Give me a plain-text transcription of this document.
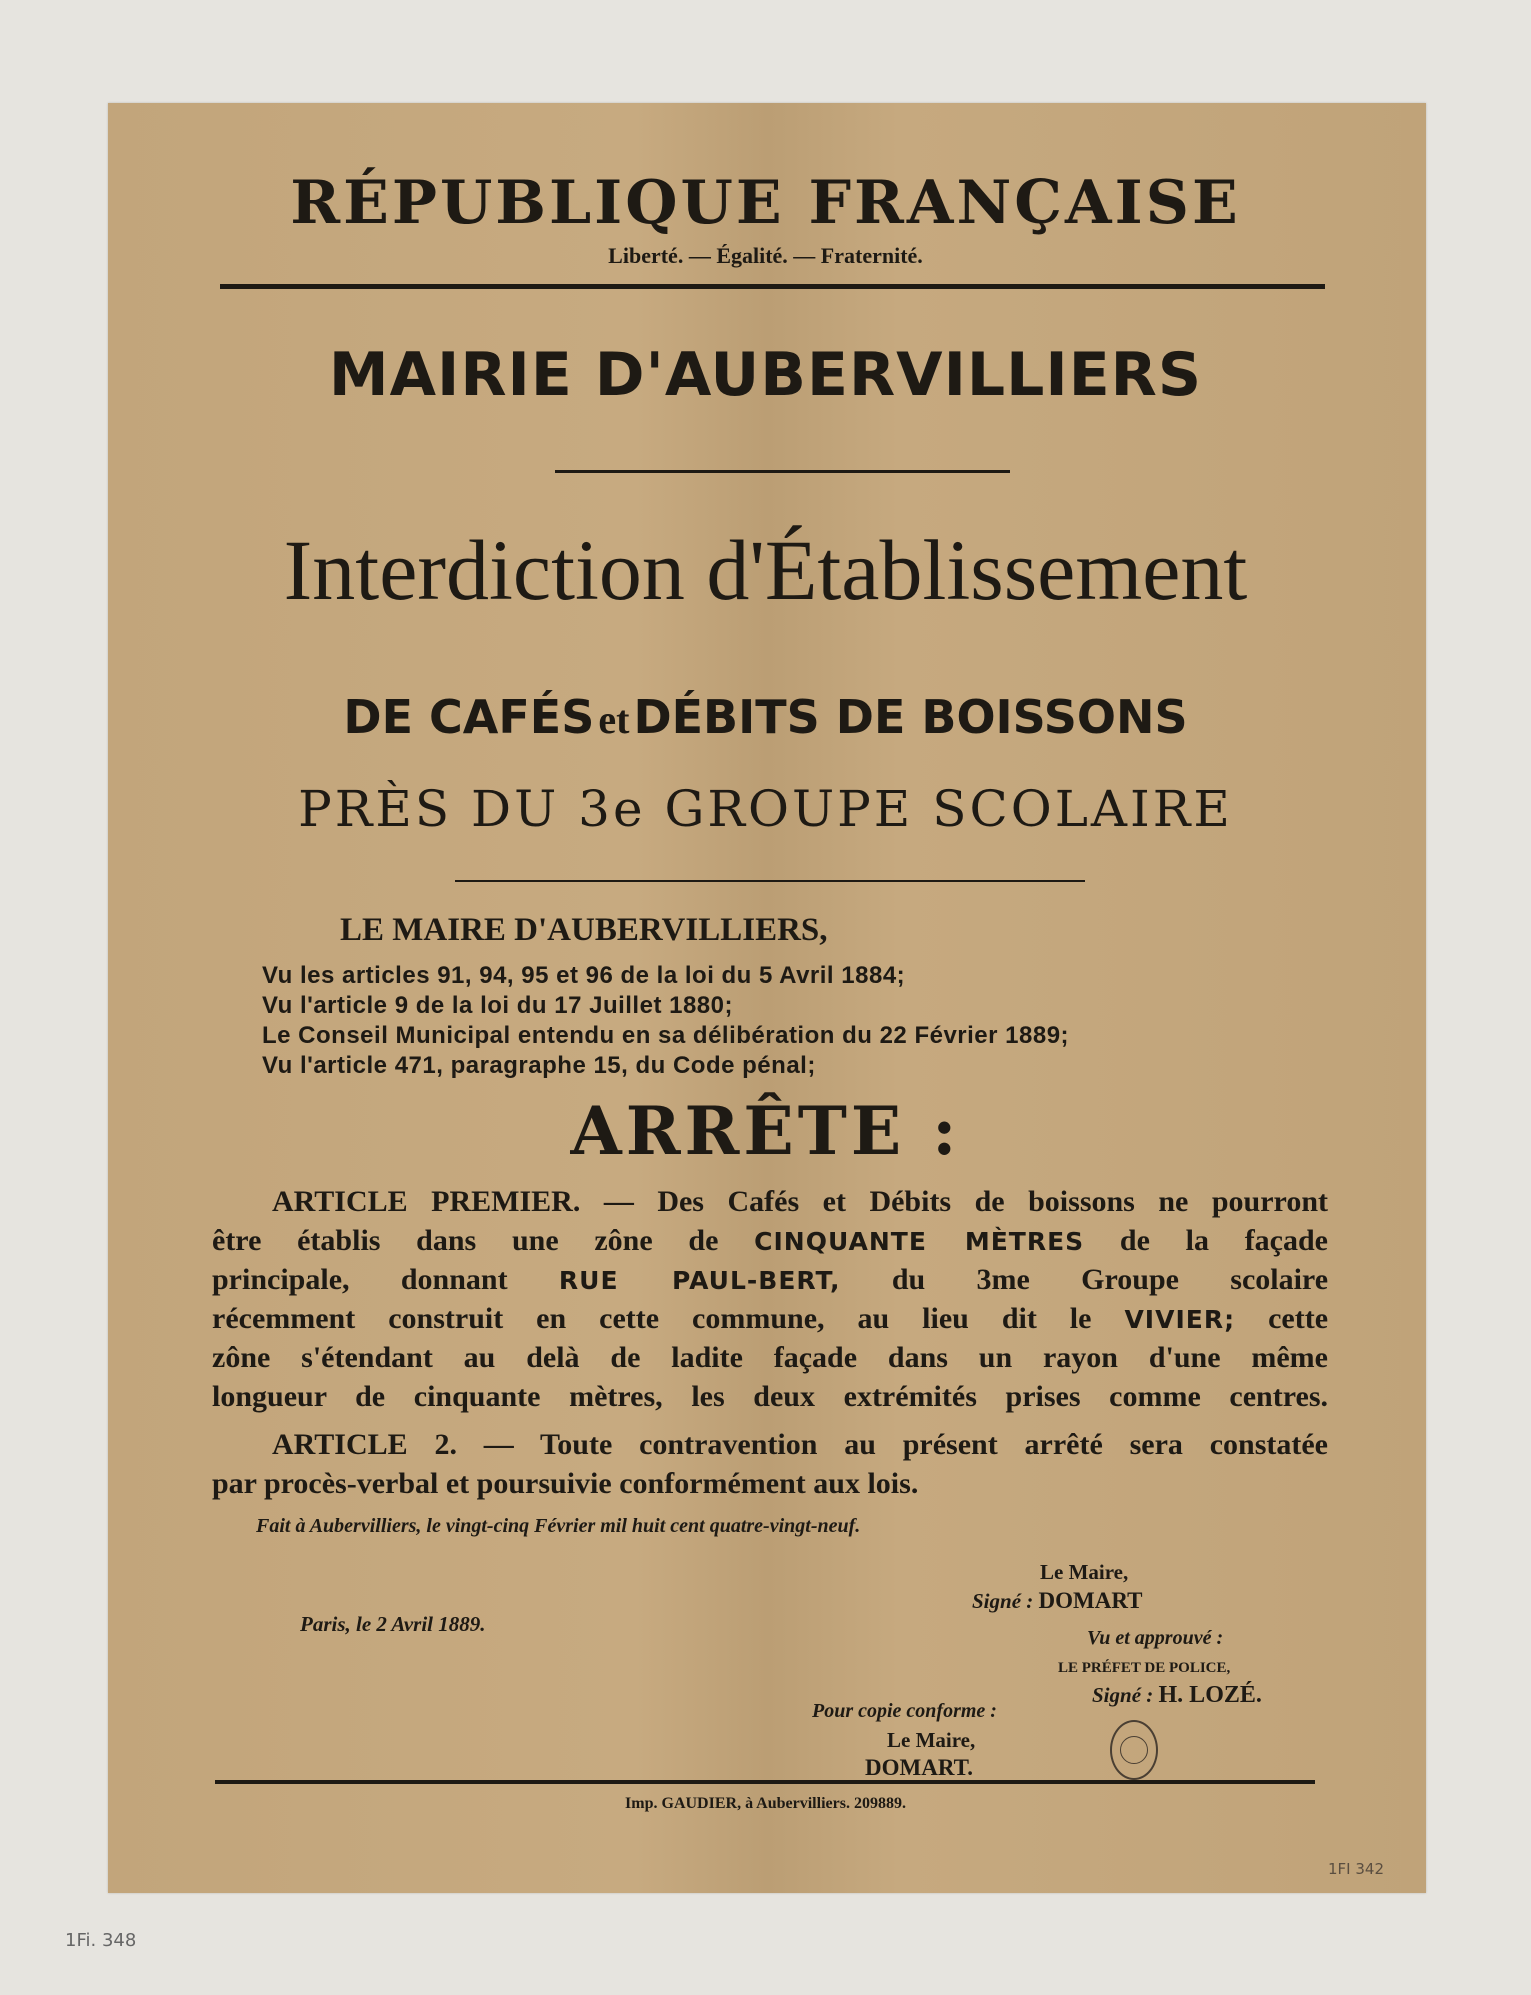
RÉPUBLIQUE FRANÇAISE
Liberté. — Égalité. — Fraternité.
MAIRIE D'AUBERVILLIERS
Interdiction d'Établissement
DE CAFÉS et DÉBITS DE BOISSONS
PRÈS DU 3e GROUPE SCOLAIRE
LE MAIRE D'AUBERVILLIERS,
Vu les articles 91, 94, 95 et 96 de la loi du 5 Avril 1884;
Vu l'article 9 de la loi du 17 Juillet 1880;
Le Conseil Municipal entendu en sa délibération du 22 Février 1889;
Vu l'article 471, paragraphe 15, du Code pénal;
ARRÊTE :
ARTICLE PREMIER. — Des Cafés et Débits de boissons ne pourront
être établis dans une zône de CINQUANTE MÈTRES de la façade
principale, donnant RUE PAUL-BERT, du 3me Groupe scolaire
récemment construit en cette commune, au lieu dit le VIVIER; cette
zône s'étendant au delà de ladite façade dans un rayon d'une même
longueur de cinquante mètres, les deux extrémités prises comme centres.
ARTICLE 2. — Toute contravention au présent arrêté sera constatée
par procès-verbal et poursuivie conformément aux lois.
Fait à Aubervilliers, le vingt-cinq Février mil huit cent quatre-vingt-neuf.
Le Maire,
Signé : DOMART
Paris, le 2 Avril 1889.
Vu et approuvé :
LE PRÉFET DE POLICE,
Signé : H. LOZÉ.
Pour copie conforme :
Le Maire,
DOMART.
Imp. GAUDIER, à Aubervilliers. 209889.
1FI 342
1Fi. 348
